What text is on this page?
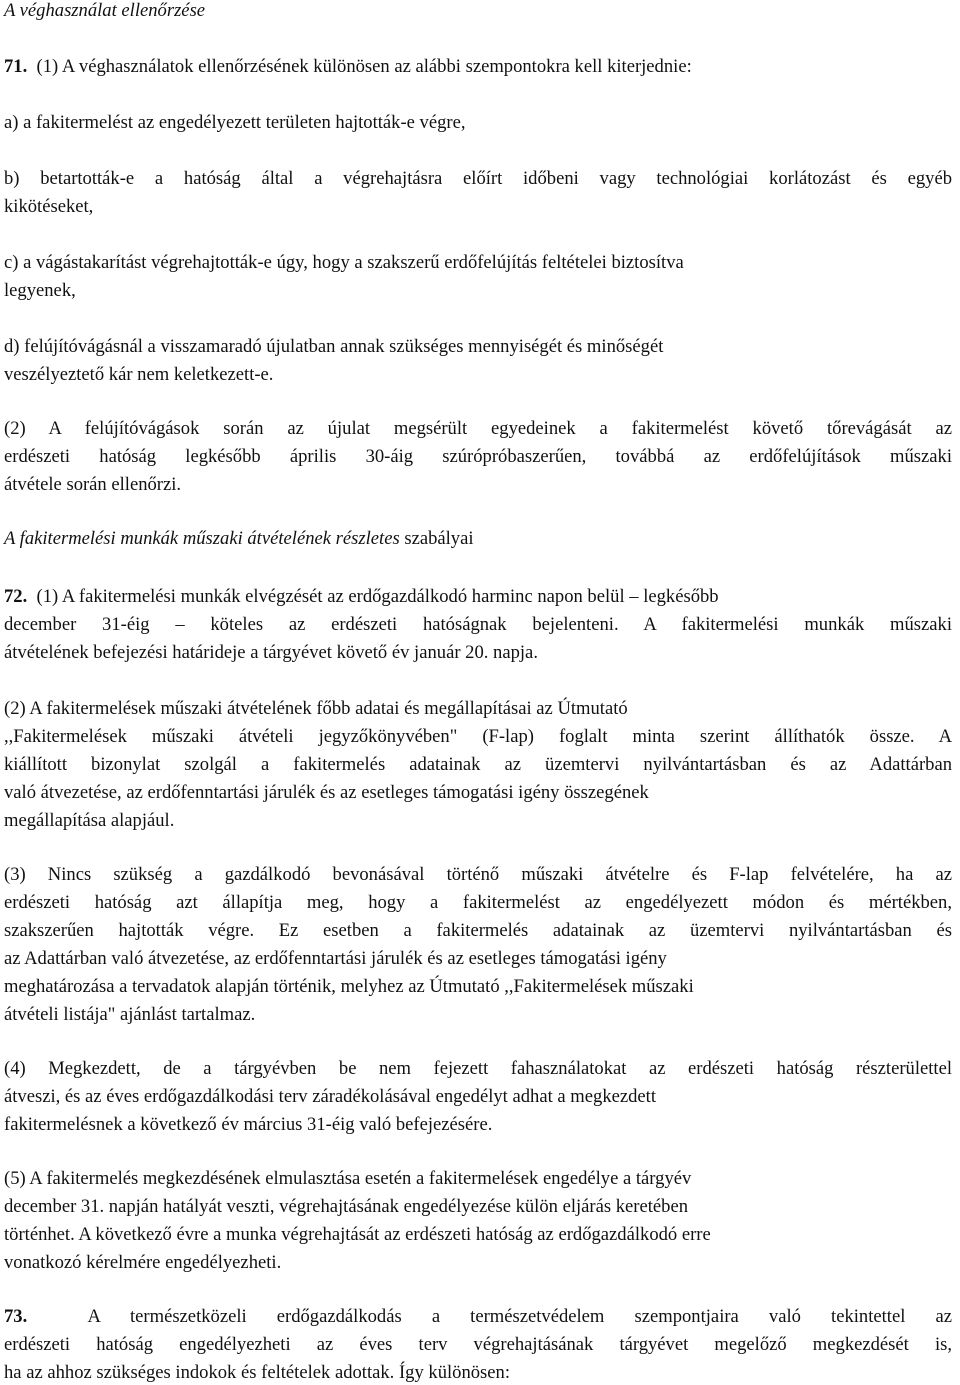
A véghasználat ellenőrzése
71. (1) A véghasználatok ellenőrzésének különösen az alábbi szempontokra kell kiterjednie:
a) a fakitermelést az engedélyezett területen hajtották-e végre,
b) betartották-e a hatóság által a végrehajtásra előírt időbeni vagy technológiai korlátozást és egyéb
kikötéseket,
c) a vágástakarítást végrehajtották-e úgy, hogy a szakszerű erdőfelújítás feltételei biztosítva
legyenek,
d) felújítóvágásnál a visszamaradó újulatban annak szükséges mennyiségét és minőségét
veszélyeztető kár nem keletkezett-e.
(2) A felújítóvágások során az újulat megsérült egyedeinek a fakitermelést követő tőrevágását az
erdészeti hatóság legkésőbb április 30-áig szúrópróbaszerűen, továbbá az erdőfelújítások műszaki
átvétele során ellenőrzi.
A fakitermelési munkák műszaki átvételének részletes szabályai
72. (1) A fakitermelési munkák elvégzését az erdőgazdálkodó harminc napon belül – legkésőbb
december 31-éig – köteles az erdészeti hatóságnak bejelenteni. A fakitermelési munkák műszaki
átvételének befejezési határideje a tárgyévet követő év január 20. napja.
(2) A fakitermelések műszaki átvételének főbb adatai és megállapításai az Útmutató
,,Fakitermelések műszaki átvételi jegyzőkönyvében" (F-lap) foglalt minta szerint állíthatók össze. A
kiállított bizonylat szolgál a fakitermelés adatainak az üzemtervi nyilvántartásban és az Adattárban
való átvezetése, az erdőfenntartási járulék és az esetleges támogatási igény összegének
megállapítása alapjául.
(3) Nincs szükség a gazdálkodó bevonásával történő műszaki átvételre és F-lap felvételére, ha az
erdészeti hatóság azt állapítja meg, hogy a fakitermelést az engedélyezett módon és mértékben,
szakszerűen hajtották végre. Ez esetben a fakitermelés adatainak az üzemtervi nyilvántartásban és
az Adattárban való átvezetése, az erdőfenntartási járulék és az esetleges támogatási igény
meghatározása a tervadatok alapján történik, melyhez az Útmutató ,,Fakitermelések műszaki
átvételi listája" ajánlást tartalmaz.
(4) Megkezdett, de a tárgyévben be nem fejezett fahasználatokat az erdészeti hatóság részterülettel
átveszi, és az éves erdőgazdálkodási terv záradékolásával engedélyt adhat a megkezdett
fakitermelésnek a következő év március 31-éig való befejezésére.
(5) A fakitermelés megkezdésének elmulasztása esetén a fakitermelések engedélye a tárgyév
december 31. napján hatályát veszti, végrehajtásának engedélyezése külön eljárás keretében
történhet. A következő évre a munka végrehajtását az erdészeti hatóság az erdőgazdálkodó erre
vonatkozó kérelmére engedélyezheti.
73.	A természetközeli erdőgazdálkodás a természetvédelem szempontjaira való tekintettel az
erdészeti hatóság engedélyezheti az éves terv végrehajtásának tárgyévet megelőző megkezdését is,
ha az ahhoz szükséges indokok és feltételek adottak. Így különösen:
